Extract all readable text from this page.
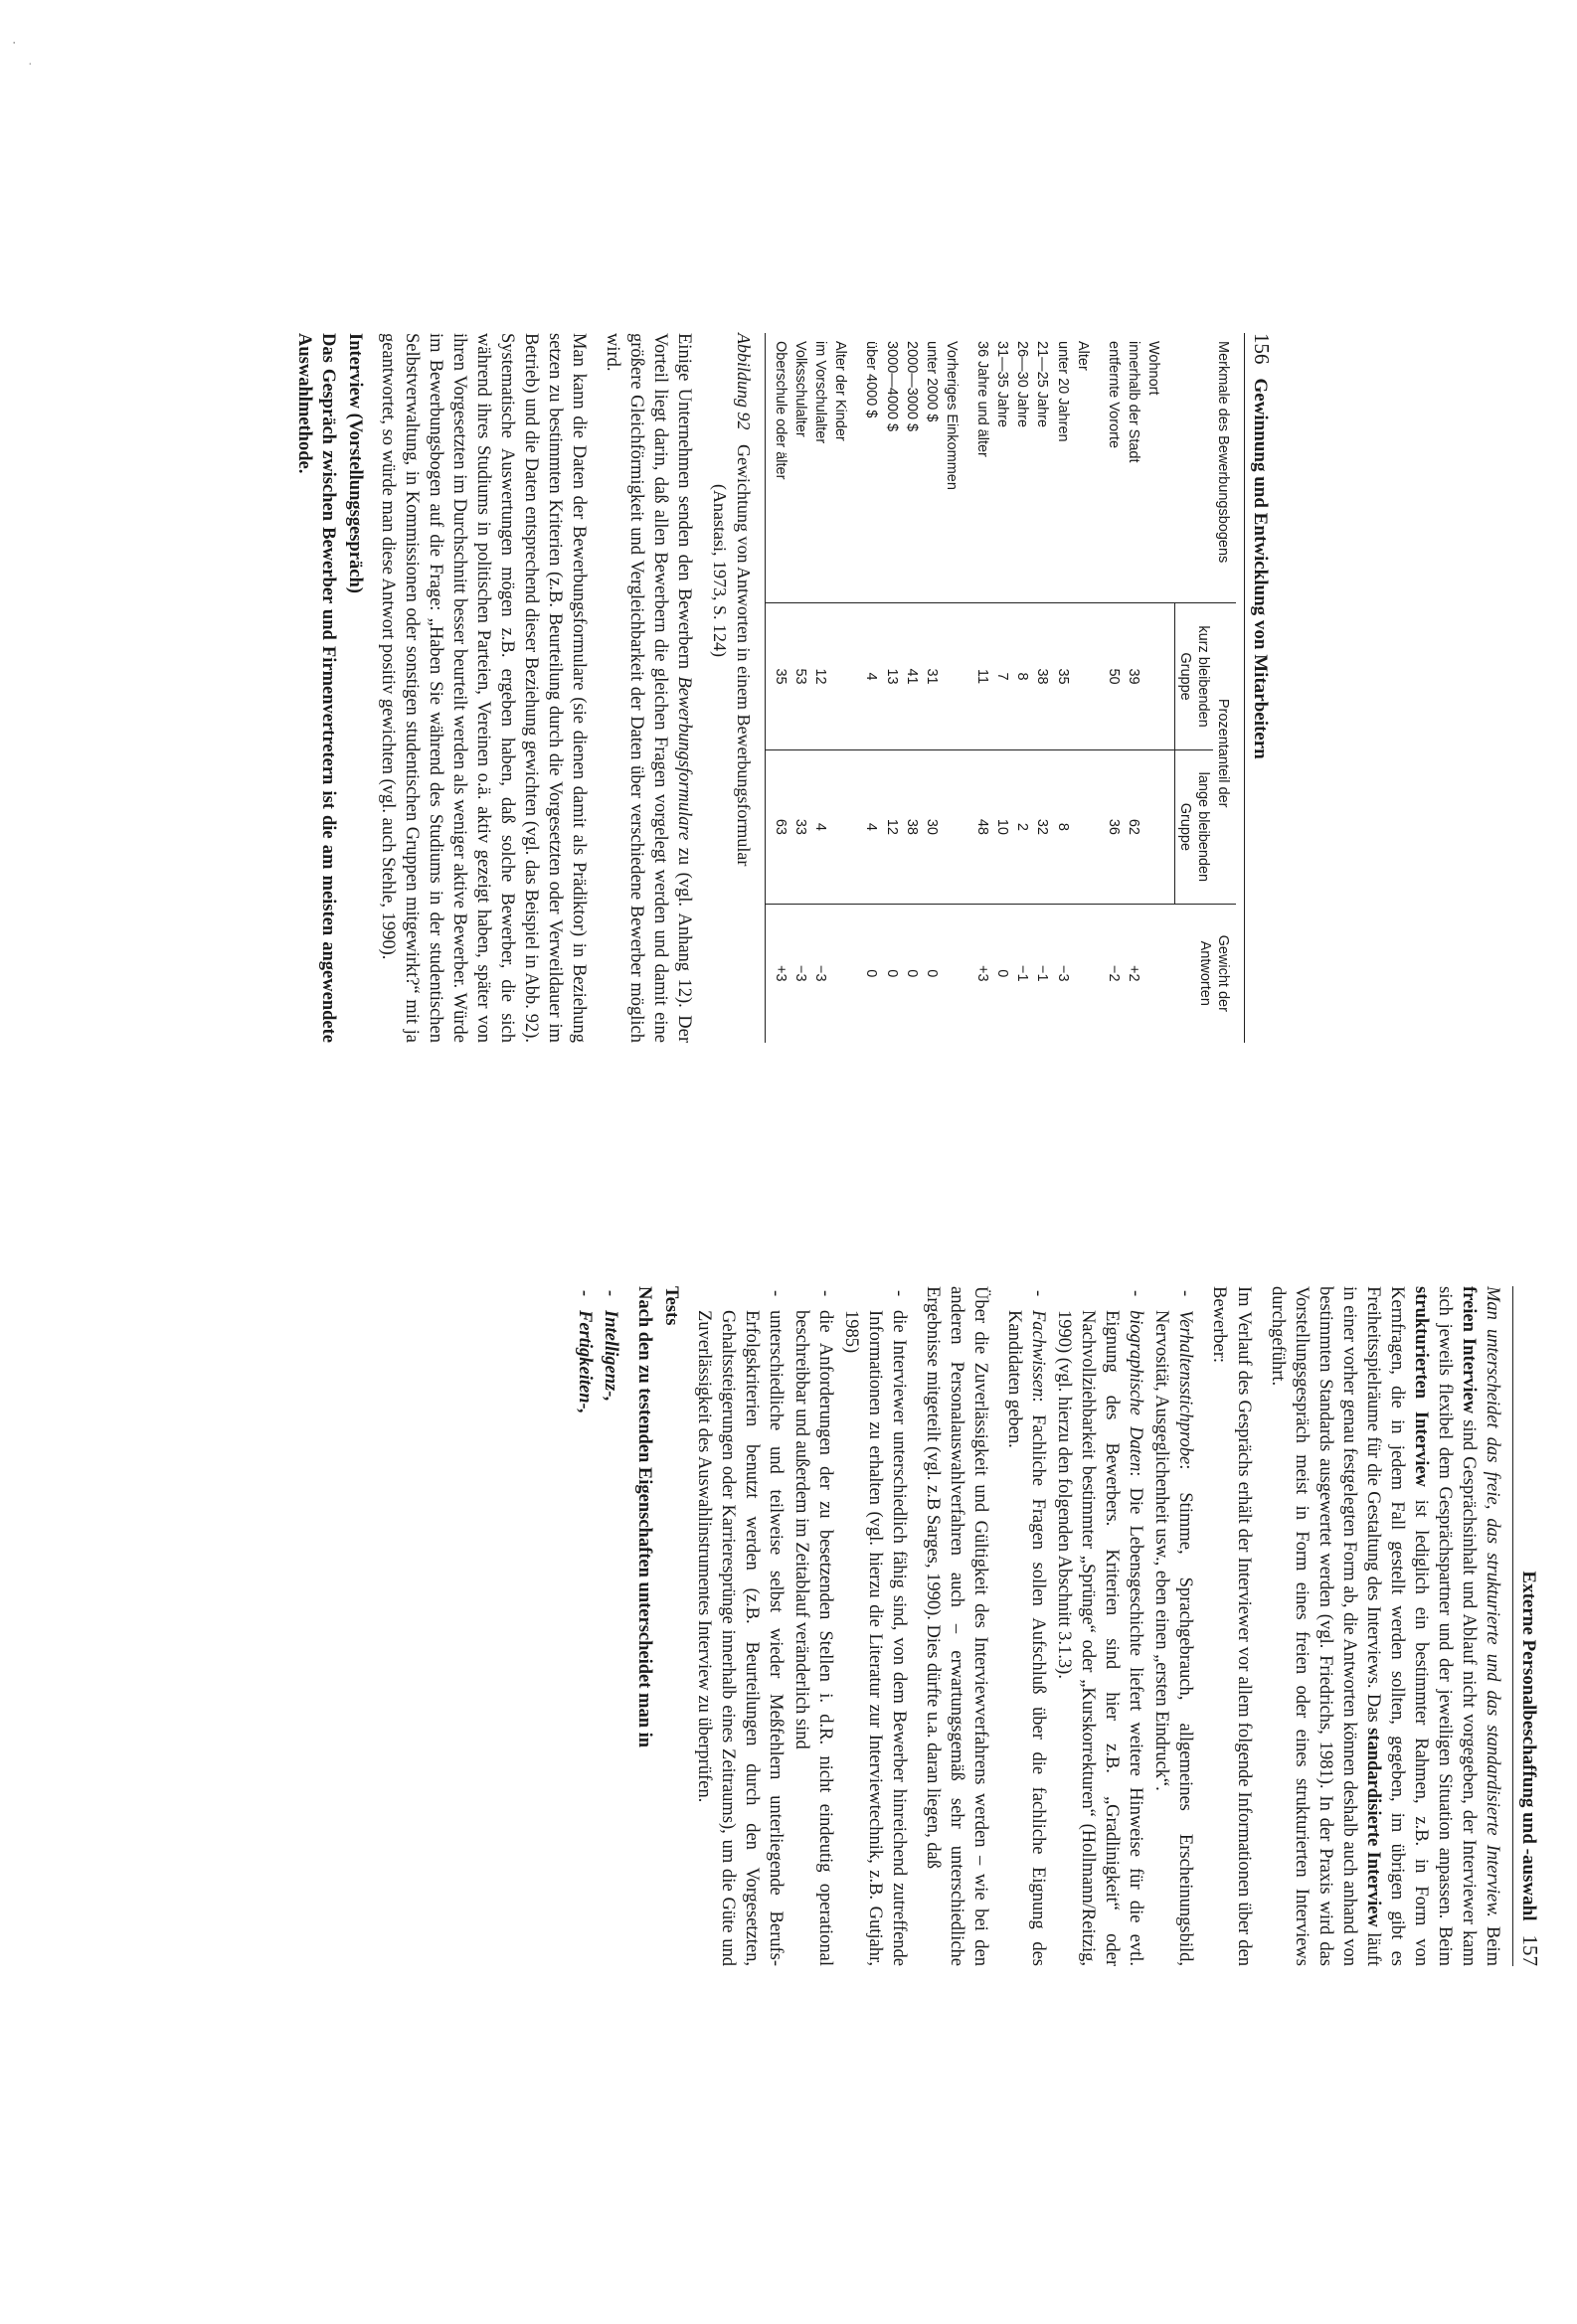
‧
·
156
Gewinnung und Entwicklung von Mitarbeitern
Merkmale des Bewerbungsbogens	Prozentanteil der		Gewicht der Antworten
	kurz bleibenden Gruppe	lange bleibenden Gruppe	
Wohnort			
innerhalb der Stadt	39	62	+2
entfernte Vororte	50	36	−2
Alter			
unter 20 Jahren	35	8	−3
21—25 Jahre	38	32	−1
26—30 Jahre	8	2	−1
31—35 Jahre	7	10	0
36 Jahre und älter	11	48	+3
Vorheriges Einkommen			
unter 2000 $	31	30	0
2000—3000 $	41	38	0
3000—4000 $	13	12	0
über 4000 $	4	4	0
Alter der Kinder			
im Vorschulalter	12	4	−3
Volksschulalter	53	33	−3
Oberschule oder älter	35	63	+3
Abbildung 92 Gewichtung von Antworten in einem Bewerbungsformular
(Anastasi, 1973, S. 124)

Einige Unternehmen senden den Bewerbern Bewerbungsformulare zu (vgl. Anhang 12). Der Vorteil liegt darin, daß allen Bewerbern die gleichen Fragen vorgelegt werden und damit eine größere Gleichförmigkeit und Vergleichbarkeit der Daten über verschiedene Bewerber möglich wird.

Man kann die Daten der Bewerbungsformulare (sie dienen damit als Prädiktor) in Beziehung setzen zu bestimmten Kriterien (z.B. Beurteilung durch die Vorgesetzten oder Verweildauer im Betrieb) und die Daten entsprechend dieser Beziehung gewichten (vgl. das Beispiel in Abb. 92). Systematische Auswertungen mögen z.B. ergeben haben, daß solche Bewerber, die sich während ihres Studiums in politischen Parteien, Vereinen o.ä. aktiv gezeigt haben, später von ihren Vorgesetzten im Durchschnitt besser beurteilt werden als weniger aktive Bewerber. Würde im Bewerbungsbogen auf die Frage: „Haben Sie während des Studiums in der studentischen Selbstverwaltung, in Kommissionen oder sonstigen studentischen Gruppen mitgewirkt?“ mit ja geantwortet, so würde man diese Antwort positiv gewichten (vgl. auch Stehle, 1990).

Interview (Vorstellungsgespräch)

Das Gespräch zwischen Bewerber und Firmenvertretern ist die am meisten angewendete Auswahlmethode.

Externe Personalbeschaffung und -auswahl
157

Man unterscheidet das freie, das strukturierte und das standardisierte Interview. Beim freien Interview sind Gesprächsinhalt und Ablauf nicht vorgegeben, der Interviewer kann sich jeweils flexibel dem Gesprächspartner und der jeweiligen Situation anpassen. Beim strukturierten Interview ist lediglich ein bestimmter Rahmen, z.B. in Form von Kernfragen, die in jedem Fall gestellt werden sollten, gegeben, im übrigen gibt es Freiheitsspielräume für die Gestaltung des Interviews. Das standardisierte Interview läuft in einer vorher genau festgelegten Form ab, die Antworten können deshalb auch anhand von bestimmten Standards ausgewertet werden (vgl. Friedrichs, 1981). In der Praxis wird das Vorstellungsgespräch meist in Form eines freien oder eines strukturierten Interviews durchgeführt.

Im Verlauf des Gesprächs erhält der Interviewer vor allem folgende Informationen über den Bewerber:

- Verhaltensstichprobe: Stimme, Sprachgebrauch, allgemeines Erscheinungsbild, Nervosität, Ausgeglichenheit usw., eben einen „ersten Eindruck“.
- biographische Daten: Die Lebensgeschichte liefert weitere Hinweise für die evtl. Eignung des Bewerbers. Kriterien sind hier z.B. „Gradlinigkeit“ oder Nachvollziehbarkeit bestimmter „Sprünge“ oder „Kurskorrekturen“ (Hollmann/Reitzig, 1990) (vgl. hierzu den folgenden Abschnitt 3.1.3).
- Fachwissen: Fachliche Fragen sollen Aufschluß über die fachliche Eignung des Kandidaten geben.

Über die Zuverlässigkeit und Gültigkeit des Interviewverfahrens werden – wie bei den anderen Personalauswahlverfahren auch – erwartungsgemäß sehr unterschiedliche Ergebnisse mitgeteilt (vgl. z.B Sarges, 1990). Dies dürfte u.a. daran liegen, daß

- die Interviewer unterschiedlich fähig sind, von dem Bewerber hinreichend zutreffende Informationen zu erhalten (vgl. hierzu die Literatur zur Interviewtechnik, z.B. Gutjahr, 1985)
- die Anforderungen der zu besetzenden Stellen i. d.R. nicht eindeutig operational beschreibbar und außerdem im Zeitablauf veränderlich sind
- unterschiedliche und teilweise selbst wieder Meßfehlern unterliegende Berufs-Erfolgskriterien benutzt werden (z.B. Beurteilungen durch den Vorgesetzten, Gehaltssteigerungen oder Karrieresprünge innerhalb eines Zeitraums), um die Güte und Zuverlässigkeit des Auswahlinstrumentes Interview zu überprüfen.
Tests

Nach den zu testenden Eigenschaften unterscheidet man in

- Intelligenz-,
- Fertigkeiten-,
